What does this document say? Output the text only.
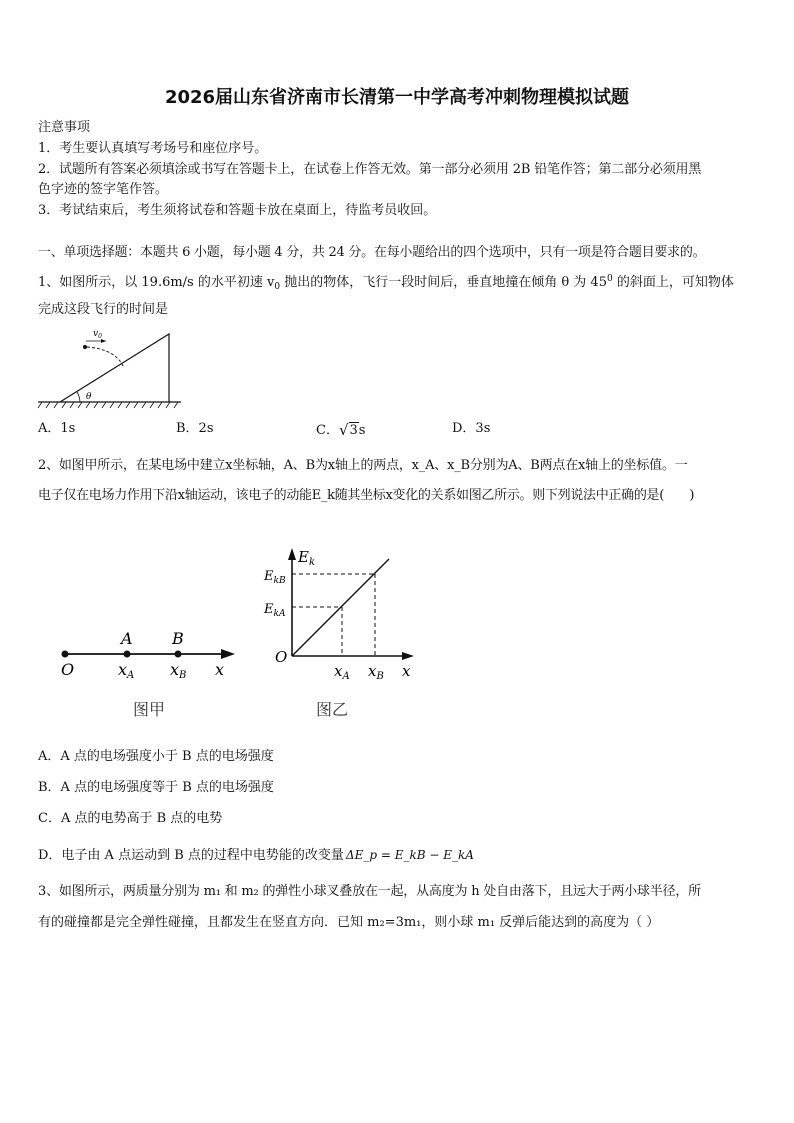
2026届山东省济南市长清第一中学高考冲刺物理模拟试题
注意事项
1．考生要认真填写考场号和座位序号。
2．试题所有答案必须填涂或书写在答题卡上，在试卷上作答无效。第一部分必须用 2B 铅笔作答；第二部分必须用黑
色字迹的签字笔作答。
3．考试结束后，考生须将试卷和答题卡放在桌面上，待监考员收回。
一、单项选择题：本题共 6 小题，每小题 4 分，共 24 分。在每小题给出的四个选项中，只有一项是符合题目要求的。
1、如图所示，以 19.6m/s 的水平初速 $v_0$ 抛出的物体，飞行一段时间后，垂直地撞在倾角 θ 为 $45^0$ 的斜面上，可知物体
完成这段飞行的时间是
θ
$v_0$
A．1s	B．2s	C．√3s	D．3s
2、如图甲所示，在某电场中建立x坐标轴，A、B为x轴上的两点，x_A、x_B分别为A、B两点在x轴上的坐标值。一
电子仅在电场力作用下沿x轴运动，该电子的动能E_k随其坐标x变化的关系如图乙所示。则下列说法中正确的是(　　)
A B
O	xA xB x
图甲
$E_k$
$E_{kB}$
$E_{kA}$
O
$x_A$ $x_B$ x
图乙
A．A 点的电场强度小于 B 点的电场强度
B．A 点的电场强度等于 B 点的电场强度
C．A 点的电势高于 B 点的电势
D．电子由 A 点运动到 B 点的过程中电势能的改变量 ΔE_p = E_kB − E_kA
3、如图所示，两质量分别为 m₁ 和 m₂ 的弹性小球叉叠放在一起，从高度为 h 处自由落下，且远大于两小球半径，所
有的碰撞都是完全弹性碰撞，且都发生在竖直方向．已知 m₂=3m₁，则小球 m₁ 反弹后能达到的高度为（ ）
